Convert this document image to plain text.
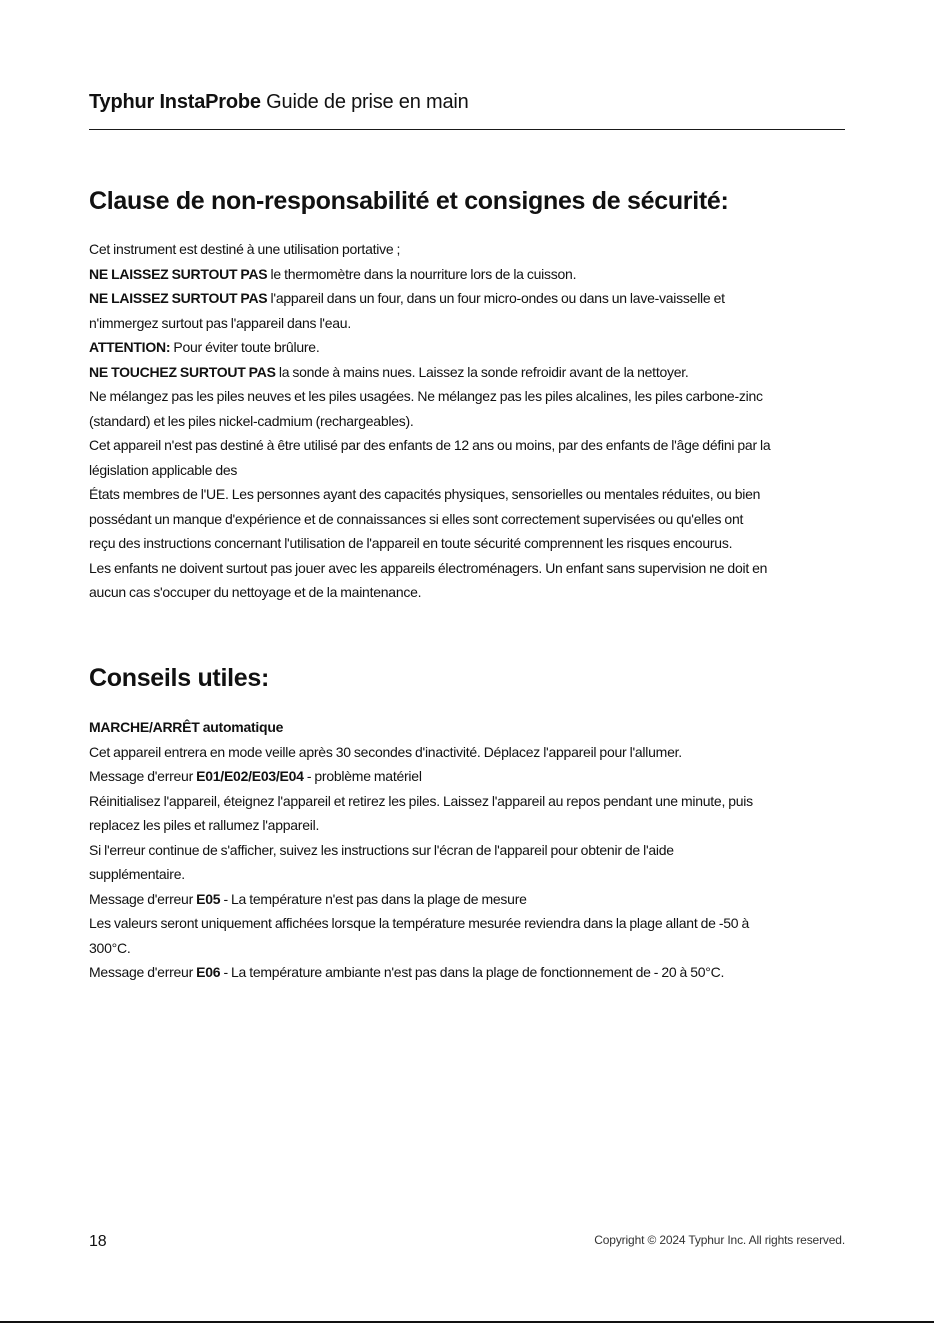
Typhur InstaProbe Guide de prise en main
Clause de non-responsabilité et consignes de sécurité:
Cet instrument est destiné à une utilisation portative ;
NE LAISSEZ SURTOUT PAS le thermomètre dans la nourriture lors de la cuisson.
NE LAISSEZ SURTOUT PAS l'appareil dans un four, dans un four micro-ondes ou dans un lave-vaisselle et
n'immergez surtout pas l'appareil dans l'eau.
ATTENTION: Pour éviter toute brûlure.
NE TOUCHEZ SURTOUT PAS la sonde à mains nues. Laissez la sonde refroidir avant de la nettoyer.
Ne mélangez pas les piles neuves et les piles usagées. Ne mélangez pas les piles alcalines, les piles carbone-zinc
(standard) et les piles nickel-cadmium (rechargeables).
Cet appareil n'est pas destiné à être utilisé par des enfants de 12 ans ou moins, par des enfants de l'âge défini par la
législation applicable des
États membres de l'UE. Les personnes ayant des capacités physiques, sensorielles ou mentales réduites, ou bien
possédant un manque d'expérience et de connaissances si elles sont correctement supervisées ou qu'elles ont
reçu des instructions concernant l'utilisation de l'appareil en toute sécurité comprennent les risques encourus.
Les enfants ne doivent surtout pas jouer avec les appareils électroménagers. Un enfant sans supervision ne doit en
aucun cas s'occuper du nettoyage et de la maintenance.
Conseils utiles:
MARCHE/ARRÊT automatique
Cet appareil entrera en mode veille après 30 secondes d'inactivité. Déplacez l'appareil pour l'allumer.
Message d'erreur E01/E02/E03/E04 - problème matériel
Réinitialisez l'appareil, éteignez l'appareil et retirez les piles. Laissez l'appareil au repos pendant une minute, puis
replacez les piles et rallumez l'appareil.
Si l'erreur continue de s'afficher, suivez les instructions sur l'écran de l'appareil pour obtenir de l'aide
supplémentaire.
Message d'erreur E05 - La température n'est pas dans la plage de mesure
Les valeurs seront uniquement affichées lorsque la température mesurée reviendra dans la plage allant de -50 à
300°C.
Message d'erreur E06 - La température ambiante n'est pas dans la plage de fonctionnement de - 20 à 50°C.
18	Copyright © 2024 Typhur Inc. All rights reserved.
